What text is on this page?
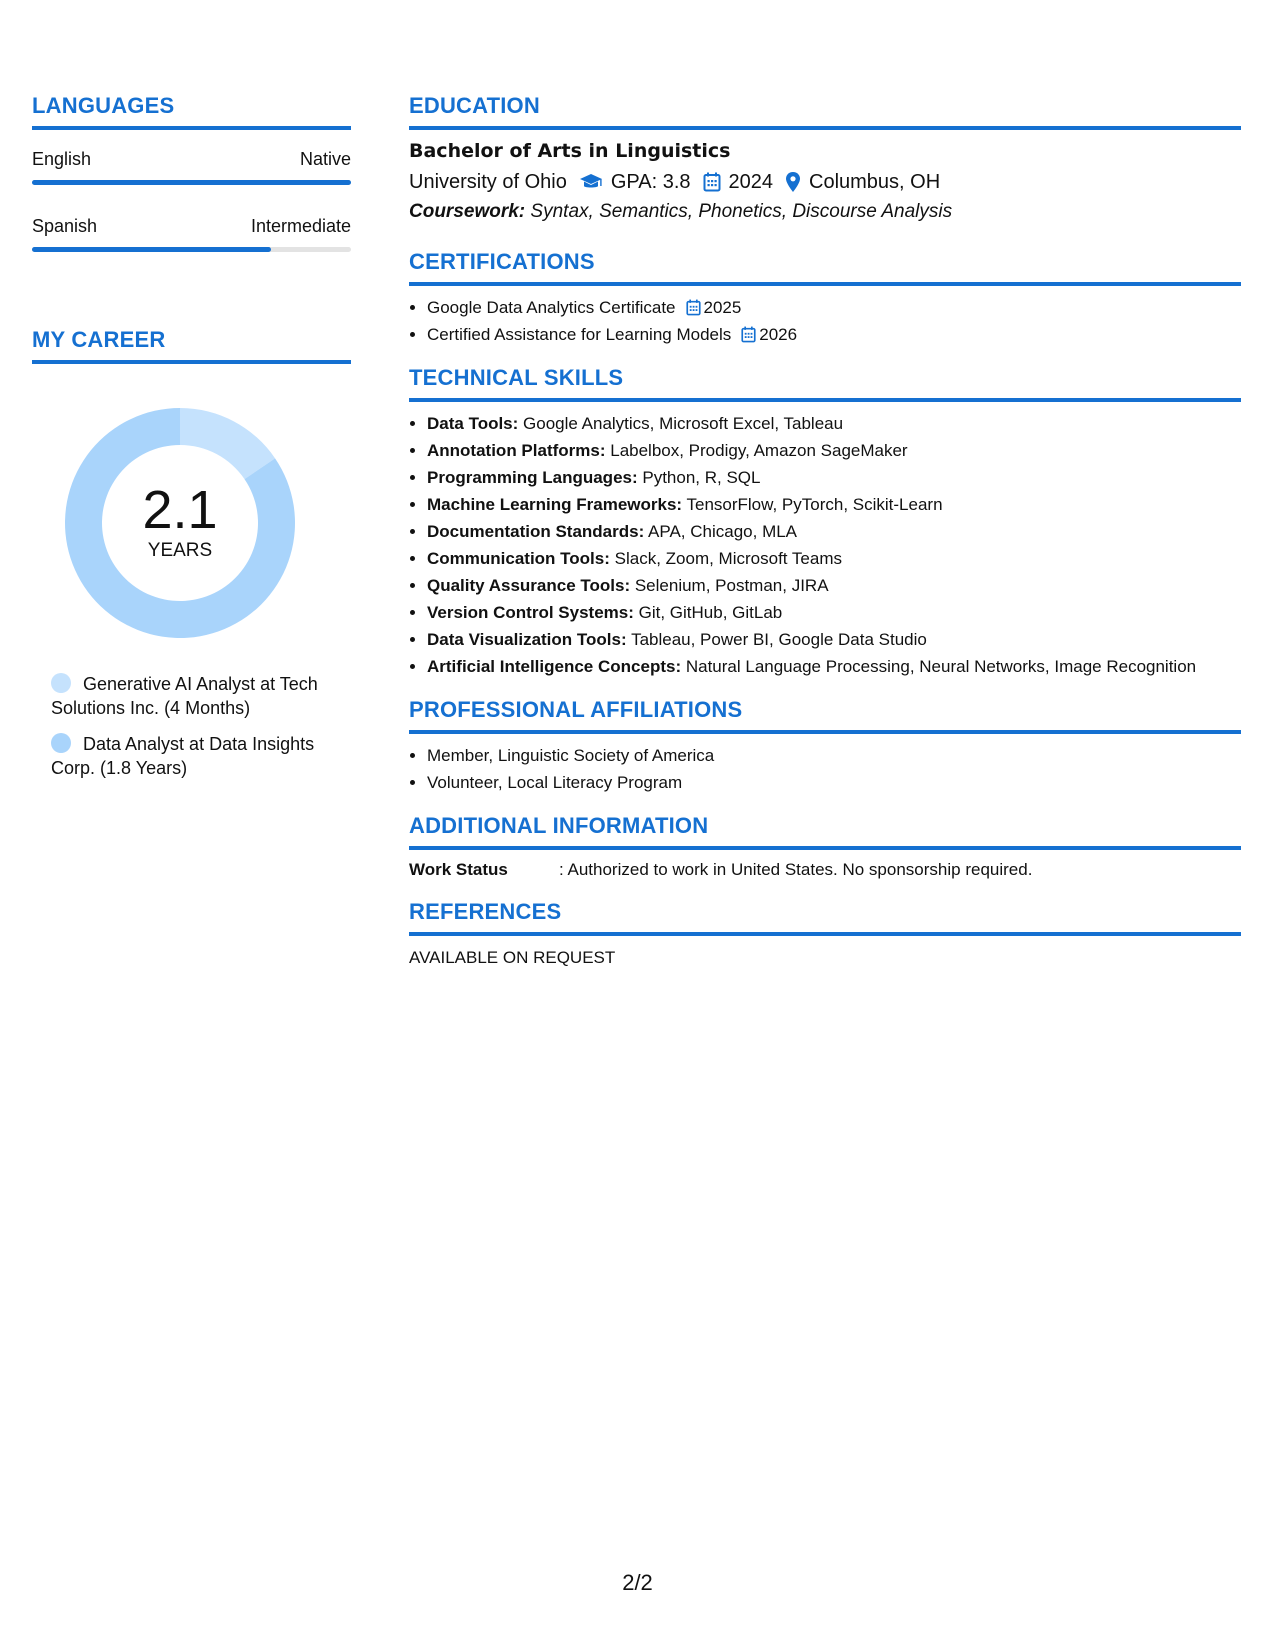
LANGUAGES
English	Native
Spanish	Intermediate
MY CAREER
2.1
YEARS
Generative AI Analyst at Tech Solutions Inc. (4 Months)
Data Analyst at Data Insights Corp. (1.8 Years)
EDUCATION
Bachelor of Arts in Linguistics
University of Ohio GPA: 3.8 2024 Columbus, OH
Coursework: Syntax, Semantics, Phonetics, Discourse Analysis
CERTIFICATIONS
• Google Data Analytics Certificate 2025
• Certified Assistance for Learning Models 2026
TECHNICAL SKILLS
• Data Tools: Google Analytics, Microsoft Excel, Tableau
• Annotation Platforms: Labelbox, Prodigy, Amazon SageMaker
• Programming Languages: Python, R, SQL
• Machine Learning Frameworks: TensorFlow, PyTorch, Scikit-Learn
• Documentation Standards: APA, Chicago, MLA
• Communication Tools: Slack, Zoom, Microsoft Teams
• Quality Assurance Tools: Selenium, Postman, JIRA
• Version Control Systems: Git, GitHub, GitLab
• Data Visualization Tools: Tableau, Power BI, Google Data Studio
• Artificial Intelligence Concepts: Natural Language Processing, Neural Networks, Image Recognition
PROFESSIONAL AFFILIATIONS
• Member, Linguistic Society of America
• Volunteer, Local Literacy Program
ADDITIONAL INFORMATION
Work Status	: Authorized to work in United States. No sponsorship required.
REFERENCES
AVAILABLE ON REQUEST
2/2
